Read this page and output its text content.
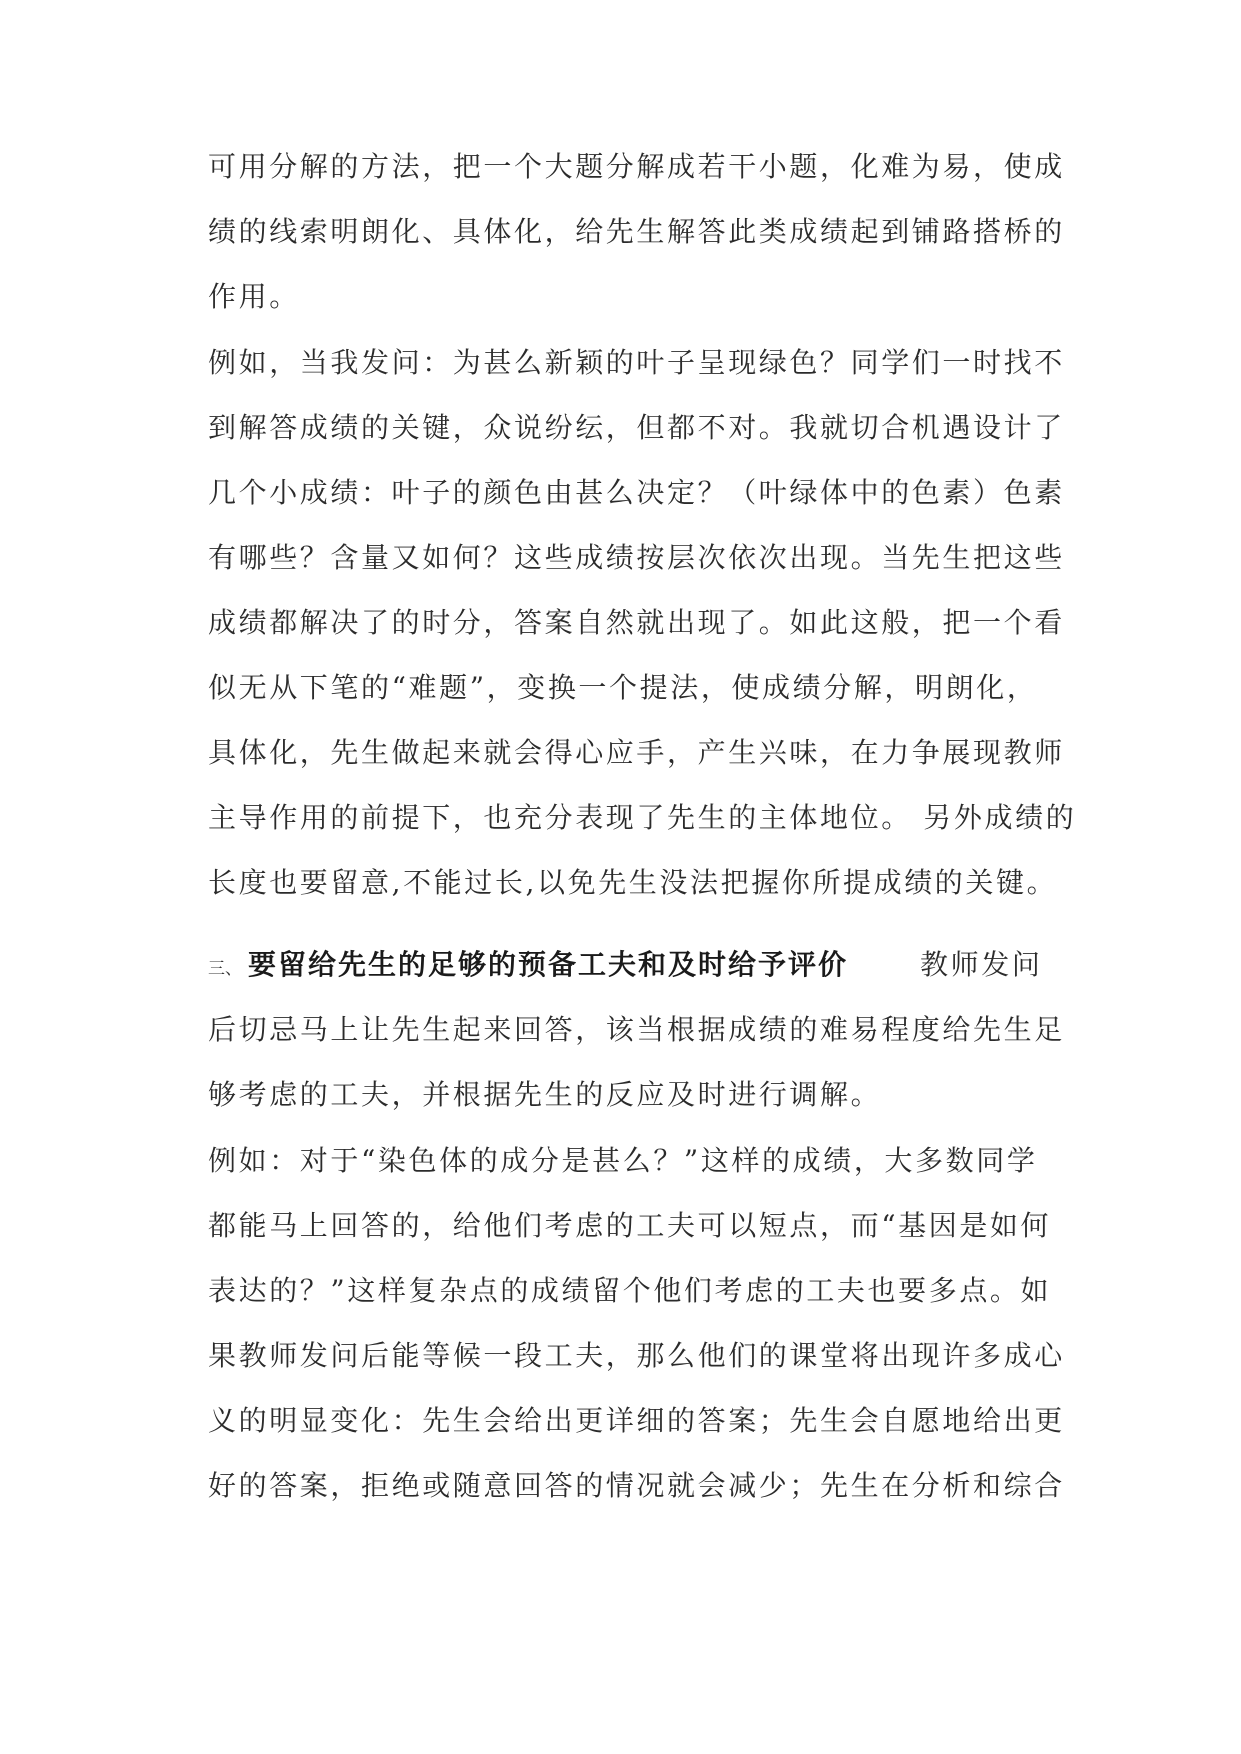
可用分解的方法，把一个大题分解成若干小题，化难为易，使成
绩的线索明朗化、具体化，给先生解答此类成绩起到铺路搭桥的
作用。
例如，当我发问：为甚么新颖的叶子呈现绿色？同学们一时找不
到解答成绩的关键，众说纷纭，但都不对。我就切合机遇设计了
几个小成绩：叶子的颜色由甚么决定？（叶绿体中的色素）色素
有哪些？含量又如何？这些成绩按层次依次出现。当先生把这些
成绩都解决了的时分，答案自然就出现了。如此这般，把一个看
似无从下笔的“难题”，变换一个提法，使成绩分解，明朗化，
具体化，先生做起来就会得心应手，产生兴味，在力争展现教师
主导作用的前提下，也充分表现了先生的主体地位。 另外成绩的
长度也要留意,不能过长,以免先生没法把握你所提成绩的关键。
三、 要留给先生的足够的预备工夫和及时给予评价	教师发问
后切忌马上让先生起来回答，该当根据成绩的难易程度给先生足
够考虑的工夫，并根据先生的反应及时进行调解。
例如：对于“染色体的成分是甚么？”这样的成绩，大多数同学
都能马上回答的，给他们考虑的工夫可以短点，而“基因是如何
表达的？”这样复杂点的成绩留个他们考虑的工夫也要多点。如
果教师发问后能等候一段工夫，那么他们的课堂将出现许多成心
义的明显变化：先生会给出更详细的答案；先生会自愿地给出更
好的答案，拒绝或随意回答的情况就会减少；先生在分析和综合
